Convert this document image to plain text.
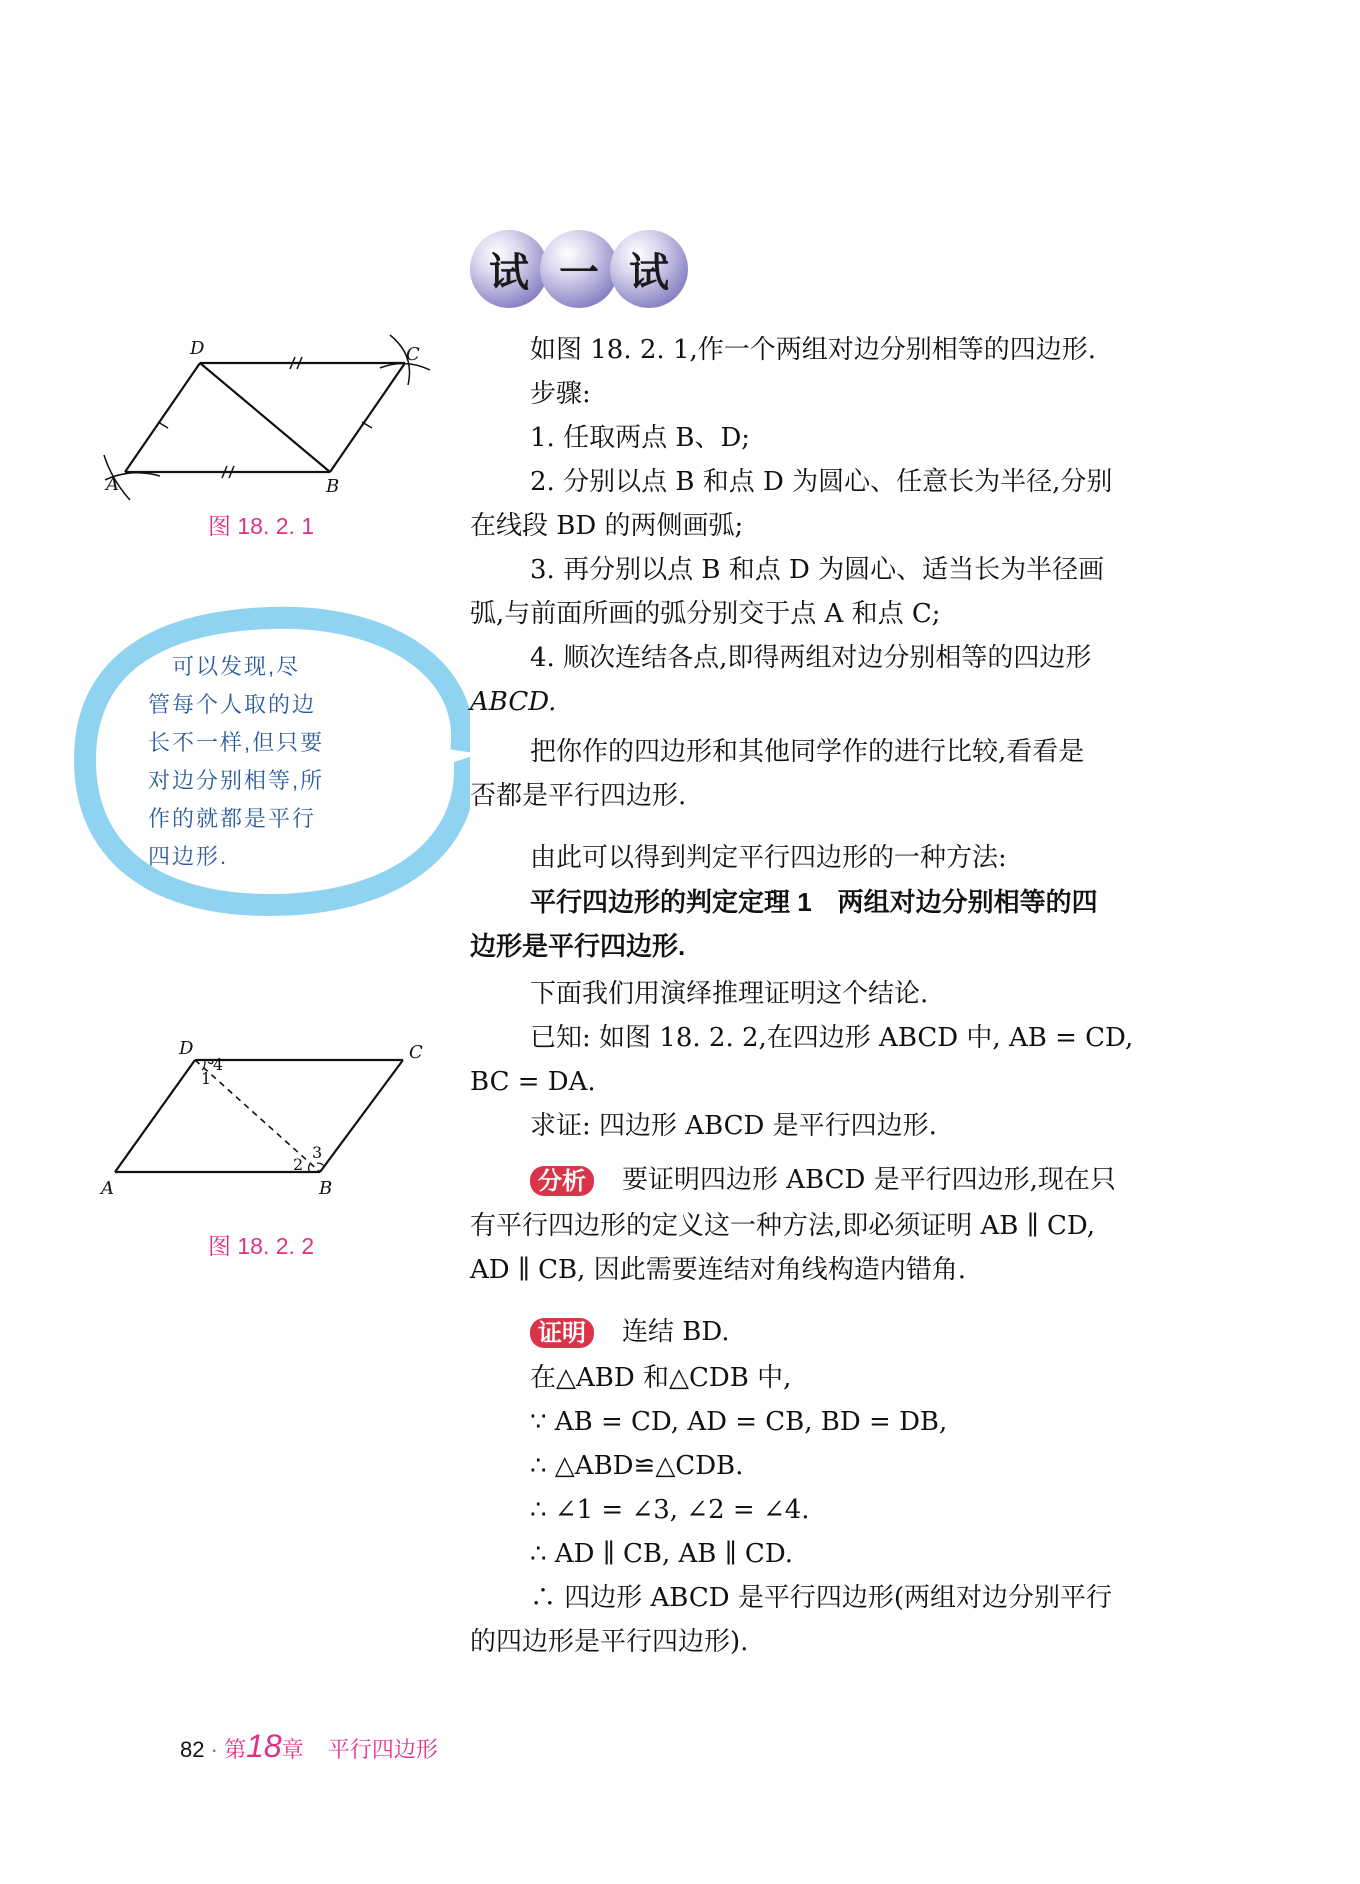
试 一 试
A	B
C
D
图 18. 2. 1
　可以发现,尽
管每个人取的边
长不一样,但只要
对边分别相等,所
作的就都是平行
四边形.
1
2
3
4
A	B
C
D
图 18. 2. 2
如图 18. 2. 1,作一个两组对边分别相等的四边形.
步骤:
1. 任取两点 B、D;
2. 分别以点 B 和点 D 为圆心、任意长为半径,分别
在线段 BD 的两侧画弧;
3. 再分别以点 B 和点 D 为圆心、适当长为半径画
弧,与前面所画的弧分别交于点 A 和点 C;
4. 顺次连结各点,即得两组对边分别相等的四边形
ABCD.
把你作的四边形和其他同学作的进行比较,看看是
否都是平行四边形.
由此可以得到判定平行四边形的一种方法:
平行四边形的判定定理 1　两组对边分别相等的四
边形是平行四边形.
下面我们用演绎推理证明这个结论.
已知: 如图 18. 2. 2,在四边形 ABCD 中, AB = CD,
BC = DA.
求证: 四边形 ABCD 是平行四边形.
分析 要证明四边形 ABCD 是平行四边形,现在只
有平行四边形的定义这一种方法,即必须证明 AB ∥ CD,
AD ∥ CB, 因此需要连结对角线构造内错角.
证明 连结 BD.
在△ABD 和△CDB 中,
∵ AB = CD, AD = CB, BD = DB,
∴ △ABD≌△CDB.
∴ ∠1 = ∠3, ∠2 = ∠4.
∴ AD ∥ CB, AB ∥ CD.
∴ 四边形 ABCD 是平行四边形(两组对边分别平行
的四边形是平行四边形).
82 · 第18章 平行四边形
